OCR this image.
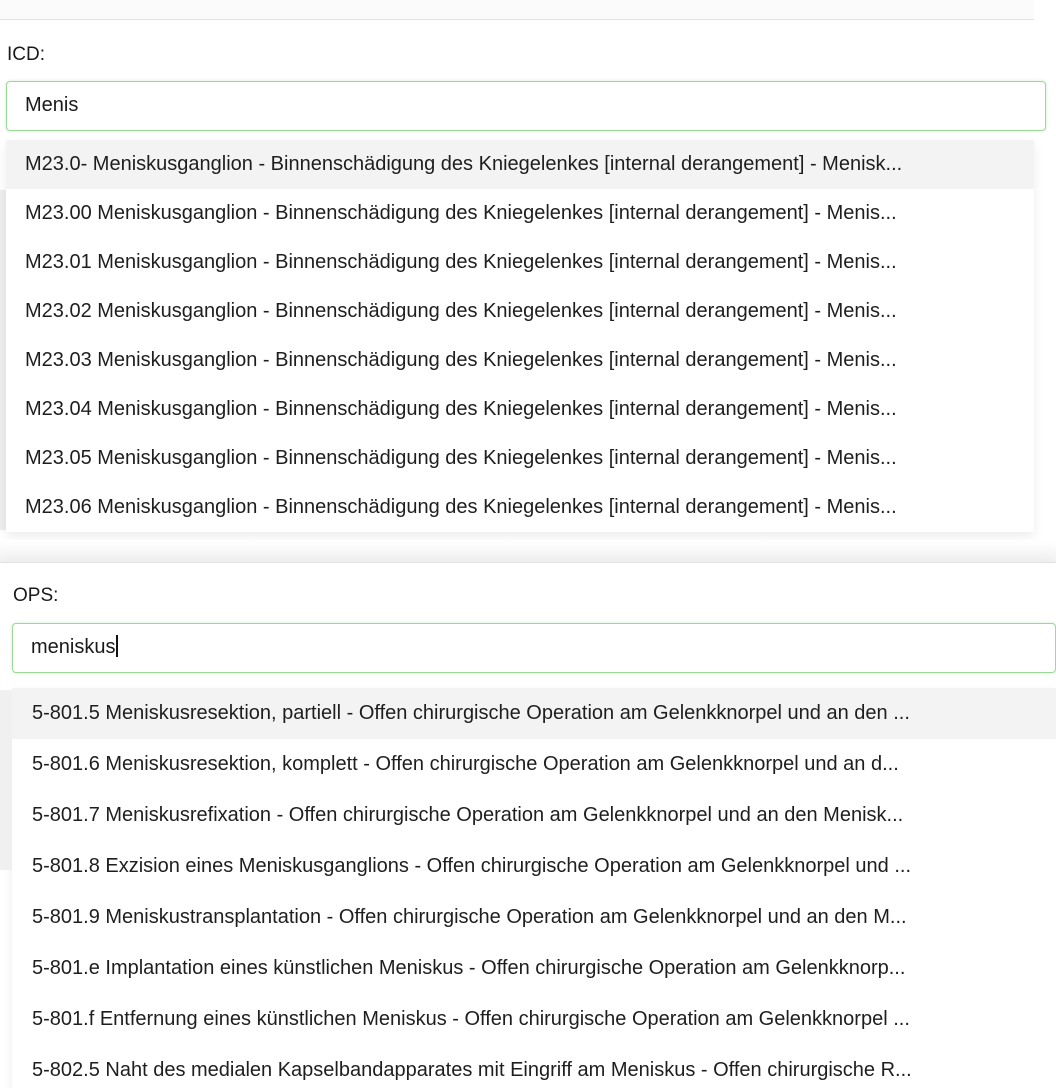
ICD:
Menis
M23.0- Meniskusganglion - Binnenschädigung des Kniegelenkes [internal derangement] - Menisk...
M23.00 Meniskusganglion - Binnenschädigung des Kniegelenkes [internal derangement] - Menis...
M23.01 Meniskusganglion - Binnenschädigung des Kniegelenkes [internal derangement] - Menis...
M23.02 Meniskusganglion - Binnenschädigung des Kniegelenkes [internal derangement] - Menis...
M23.03 Meniskusganglion - Binnenschädigung des Kniegelenkes [internal derangement] - Menis...
M23.04 Meniskusganglion - Binnenschädigung des Kniegelenkes [internal derangement] - Menis...
M23.05 Meniskusganglion - Binnenschädigung des Kniegelenkes [internal derangement] - Menis...
M23.06 Meniskusganglion - Binnenschädigung des Kniegelenkes [internal derangement] - Menis...
OPS:
meniskus
5-801.5 Meniskusresektion, partiell - Offen chirurgische Operation am Gelenkknorpel und an den ...
5-801.6 Meniskusresektion, komplett - Offen chirurgische Operation am Gelenkknorpel und an d...
5-801.7 Meniskusrefixation - Offen chirurgische Operation am Gelenkknorpel und an den Menisk...
5-801.8 Exzision eines Meniskusganglions - Offen chirurgische Operation am Gelenkknorpel und ...
5-801.9 Meniskustransplantation - Offen chirurgische Operation am Gelenkknorpel und an den M...
5-801.e Implantation eines künstlichen Meniskus - Offen chirurgische Operation am Gelenkknorp...
5-801.f Entfernung eines künstlichen Meniskus - Offen chirurgische Operation am Gelenkknorpel ...
5-802.5 Naht des medialen Kapselbandapparates mit Eingriff am Meniskus - Offen chirurgische R...
